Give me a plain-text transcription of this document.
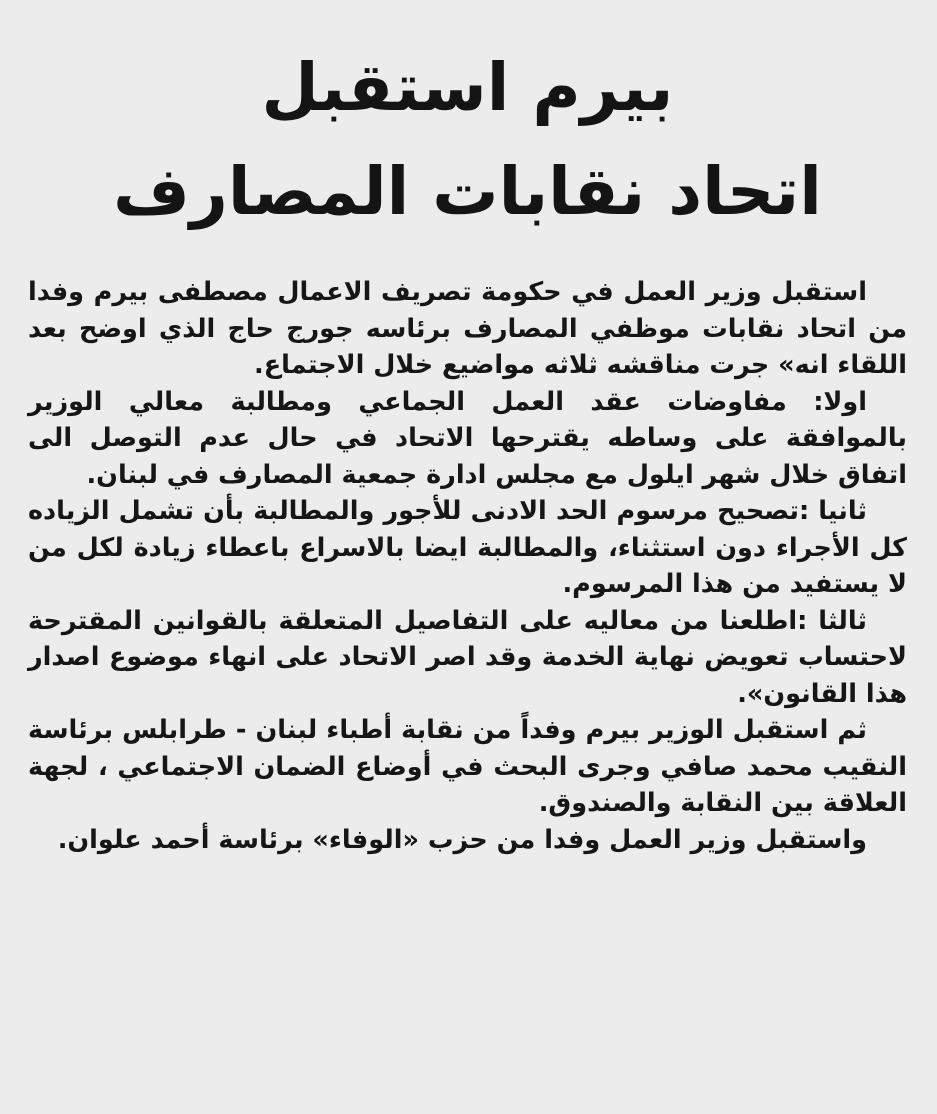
بيرم استقبل
اتحاد نقابات المصارف

استقبل وزير العمل في حكومة تصريف الاعمال مصطفى بيرم وفدا من اتحاد نقابات موظفي المصارف برئاسه جورج حاج الذي اوضح بعد اللقاء انه» جرت مناقشه ثلاثه مواضيع خلال الاجتماع.

اولا: مفاوضات عقد العمل الجماعي ومطالبة معالي الوزير بالموافقة على وساطه يقترحها الاتحاد في حال عدم التوصل الى اتفاق خلال شهر ايلول مع مجلس ادارة جمعية المصارف في لبنان.

ثانيا :تصحيح مرسوم الحد الادنى للأجور والمطالبة بأن تشمل الزياده كل الأجراء دون استثناء، والمطالبة ايضا بالاسراع باعطاء زيادة لكل من لا يستفيد من هذا المرسوم.

ثالثا :اطلعنا من معاليه على التفاصيل المتعلقة بالقوانين المقترحة لاحتساب تعويض نهاية الخدمة وقد اصر الاتحاد على انهاء موضوع اصدار هذا القانون».

ثم استقبل الوزير بيرم وفداً من نقابة أطباء لبنان - طرابلس برئاسة النقيب محمد صافي وجرى البحث في أوضاع الضمان الاجتماعي ، لجهة العلاقة بين النقابة والصندوق.

واستقبل وزير العمل وفدا من حزب «الوفاء» برئاسة أحمد علوان.
